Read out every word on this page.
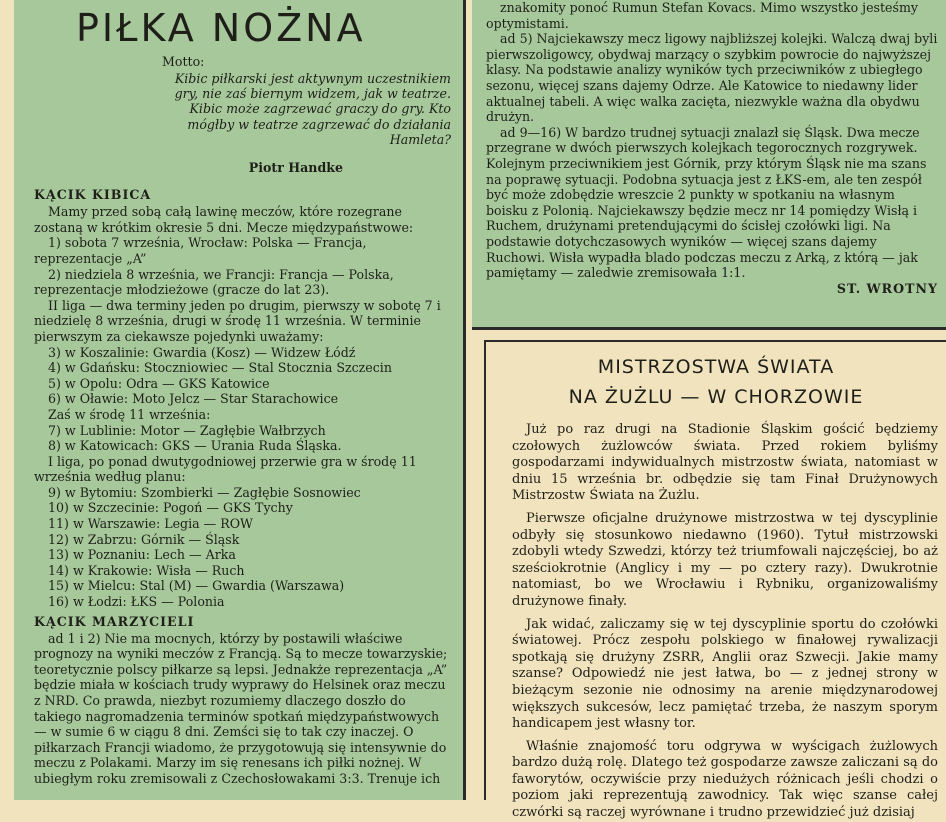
PIŁKA NOŻNA

Motto:

Kibic piłkarski jest aktywnym uczestnikiem gry, nie zaś biernym widzem, jak w teatrze. Kibic może zagrzewać graczy do gry. Kto mógłby w teatrze zagrzewać do działania Hamleta?

Piotr Handke

KĄCIK KIBICA

Mamy przed sobą całą lawinę meczów, które rozegrane zostaną w krótkim okresie 5 dni. Mecze międzypaństwowe:

1) sobota 7 września, Wrocław: Polska — Francja, reprezentacje „A”

2) niedziela 8 września, we Francji: Francja — Polska, reprezentacje młodzieżowe (gracze do lat 23).

II liga — dwa terminy jeden po drugim, pierwszy w sobotę 7 i niedzielę 8 września, drugi w środę 11 września. W terminie pierwszym za ciekawsze pojedynki uważamy:

3) w Koszalinie: Gwardia (Kosz) — Widzew Łódź

4) w Gdańsku: Stoczniowiec — Stal Stocznia Szczecin

5) w Opolu: Odra — GKS Katowice

6) w Oławie: Moto Jelcz — Star Starachowice

Zaś w środę 11 września:

7) w Lublinie: Motor — Zagłębie Wałbrzych

8) w Katowicach: GKS — Urania Ruda Śląska.

I liga, po ponad dwutygodniowej przerwie gra w środę 11 września według planu:

9) w Bytomiu: Szombierki — Zagłębie Sosnowiec

10) w Szczecinie: Pogoń — GKS Tychy

11) w Warszawie: Legia — ROW

12) w Zabrzu: Górnik — Śląsk

13) w Poznaniu: Lech — Arka

14) w Krakowie: Wisła — Ruch

15) w Mielcu: Stal (M) — Gwardia (Warszawa)

16) w Łodzi: ŁKS — Polonia

KĄCIK MARZYCIELI

ad 1 i 2) Nie ma mocnych, którzy by postawili właściwe prognozy na wyniki meczów z Francją. Są to mecze towarzyskie; teoretycznie polscy piłkarze są lepsi. Jednakże reprezentacja „A” będzie miała w kościach trudy wyprawy do Helsinek oraz meczu z NRD. Co prawda, niezbyt rozumiemy dlaczego doszło do takiego nagromadzenia terminów spotkań międzypaństwowych — w sumie 6 w ciągu 8 dni. Zemści się to tak czy inaczej. O piłkarzach Francji wiadomo, że przygotowują się intensywnie do meczu z Polakami. Marzy im się renesans ich piłki nożnej. W ubiegłym roku zremisowali z Czechosłowakami 3:3. Trenuje ich

znakomity ponoć Rumun Stefan Kovacs. Mimo wszystko jesteśmy optymistami.

ad 5) Najciekawszy mecz ligowy najbliższej kolejki. Walczą dwaj byli pierwszoligowcy, obydwaj marzący o szybkim powrocie do najwyższej klasy. Na podstawie analizy wyników tych przeciwników z ubiegłego sezonu, więcej szans dajemy Odrze. Ale Katowice to niedawny lider aktualnej tabeli. A więc walka zacięta, niezwykle ważna dla obydwu drużyn.

ad 9—16) W bardzo trudnej sytuacji znalazł się Śląsk. Dwa mecze przegrane w dwóch pierwszych kolejkach tegorocznych rozgrywek. Kolejnym przeciwnikiem jest Górnik, przy którym Śląsk nie ma szans na poprawę sytuacji. Podobna sytuacja jest z ŁKS-em, ale ten zespół być może zdobędzie wreszcie 2 punkty w spotkaniu na własnym boisku z Polonią. Najciekawszy będzie mecz nr 14 pomiędzy Wisłą i Ruchem, drużynami pretendującymi do ścisłej czołówki ligi. Na podstawie dotychczasowych wyników — więcej szans dajemy Ruchowi. Wisła wypadła blado podczas meczu z Arką, z którą — jak pamiętamy — zaledwie zremisowała 1:1.

ST. WROTNY

MISTRZOSTWA ŚWIATA
NA ŻUŻLU — W CHORZOWIE

Już po raz drugi na Stadionie Śląskim gościć będziemy czołowych żużlowców świata. Przed rokiem byliśmy gospodarzami indywidualnych mistrzostw świata, natomiast w dniu 15 września br. odbędzie się tam Finał Drużynowych Mistrzostw Świata na Żużlu.

Pierwsze oficjalne drużynowe mistrzostwa w tej dyscyplinie odbyły się stosunkowo niedawno (1960). Tytuł mistrzowski zdobyli wtedy Szwedzi, którzy też triumfowali najczęściej, bo aż sześciokrotnie (Anglicy i my — po cztery razy). Dwukrotnie natomiast, bo we Wrocławiu i Rybniku, organizowaliśmy drużynowe finały.

Jak widać, zaliczamy się w tej dyscyplinie sportu do czołówki światowej. Prócz zespołu polskiego w finałowej rywalizacji spotkają się drużyny ZSRR, Anglii oraz Szwecji. Jakie mamy szanse? Odpowiedź nie jest łatwa, bo — z jednej strony w bieżącym sezonie nie odnosimy na arenie międzynarodowej większych sukcesów, lecz pamiętać trzeba, że naszym sporym handicapem jest własny tor.

Właśnie znajomość toru odgrywa w wyścigach żużlowych bardzo dużą rolę. Dlatego też gospodarze zawsze zaliczani są do faworytów, oczywiście przy niedużych różnicach jeśli chodzi o poziom jaki reprezentują zawodnicy. Tak więc szanse całej czwórki są raczej wyrównane i trudno przewidzieć już dzisiaj
